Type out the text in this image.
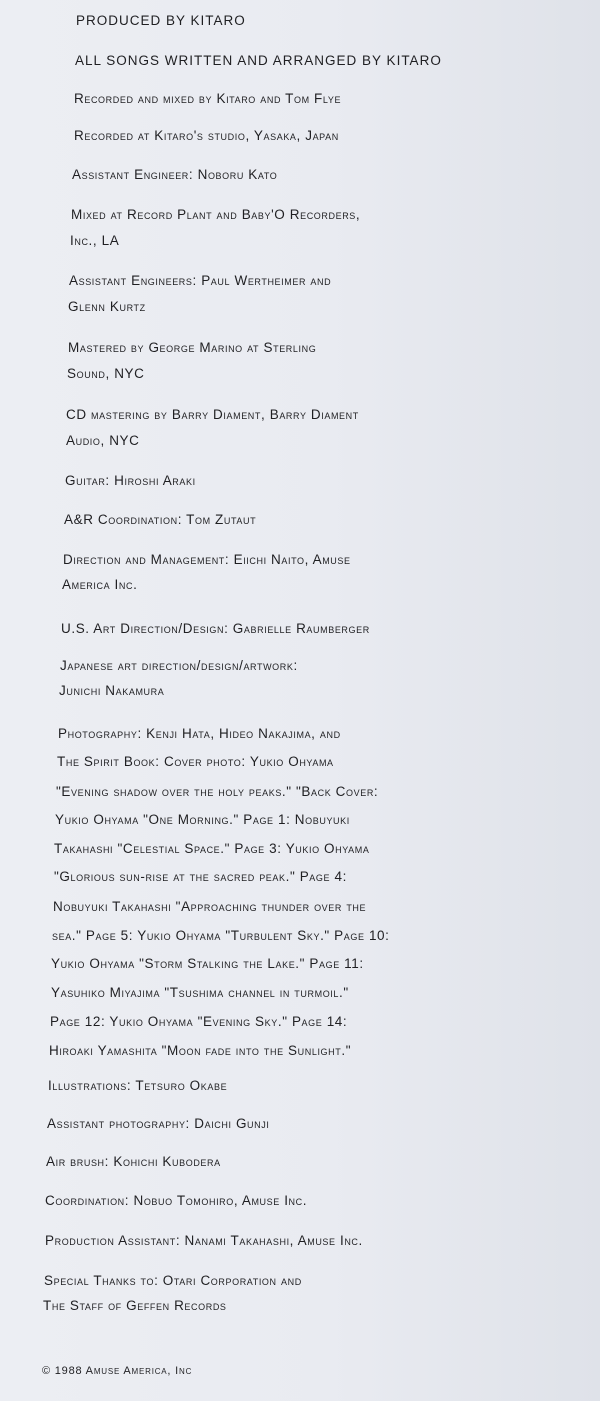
PRODUCED BY KITARO
ALL SONGS WRITTEN AND ARRANGED BY KITARO
Recorded and mixed by Kitaro and Tom Flye
Recorded at Kitaro's studio, Yasaka, Japan
Assistant Engineer: Noboru Kato
Mixed at Record Plant and Baby'O Recorders,
Inc., LA
Assistant Engineers: Paul Wertheimer and
Glenn Kurtz
Mastered by George Marino at Sterling
Sound, NYC
CD mastering by Barry Diament, Barry Diament
Audio, NYC
Guitar: Hiroshi Araki
A&R Coordination: Tom Zutaut
Direction and Management: Eiichi Naito, Amuse
America Inc.
U.S. Art Direction/Design: Gabrielle Raumberger
Japanese art direction/design/artwork:
Junichi Nakamura
Photography: Kenji Hata, Hideo Nakajima, and
The Spirit Book: Cover photo: Yukio Ohyama
"Evening shadow over the holy peaks." "Back Cover:
Yukio Ohyama "One Morning." Page 1: Nobuyuki
Takahashi "Celestial Space." Page 3: Yukio Ohyama
"Glorious sun-rise at the sacred peak." Page 4:
Nobuyuki Takahashi "Approaching thunder over the
sea." Page 5: Yukio Ohyama "Turbulent Sky." Page 10:
Yukio Ohyama "Storm Stalking the Lake." Page 11:
Yasuhiko Miyajima "Tsushima channel in turmoil."
Page 12: Yukio Ohyama "Evening Sky." Page 14:
Hiroaki Yamashita "Moon fade into the Sunlight."
Illustrations: Tetsuro Okabe
Assistant photography: Daichi Gunji
Air brush: Kohichi Kubodera
Coordination: Nobuo Tomohiro, Amuse Inc.
Production Assistant: Nanami Takahashi, Amuse Inc.
Special Thanks to: Otari Corporation and
The Staff of Geffen Records
© 1988 Amuse America, Inc
